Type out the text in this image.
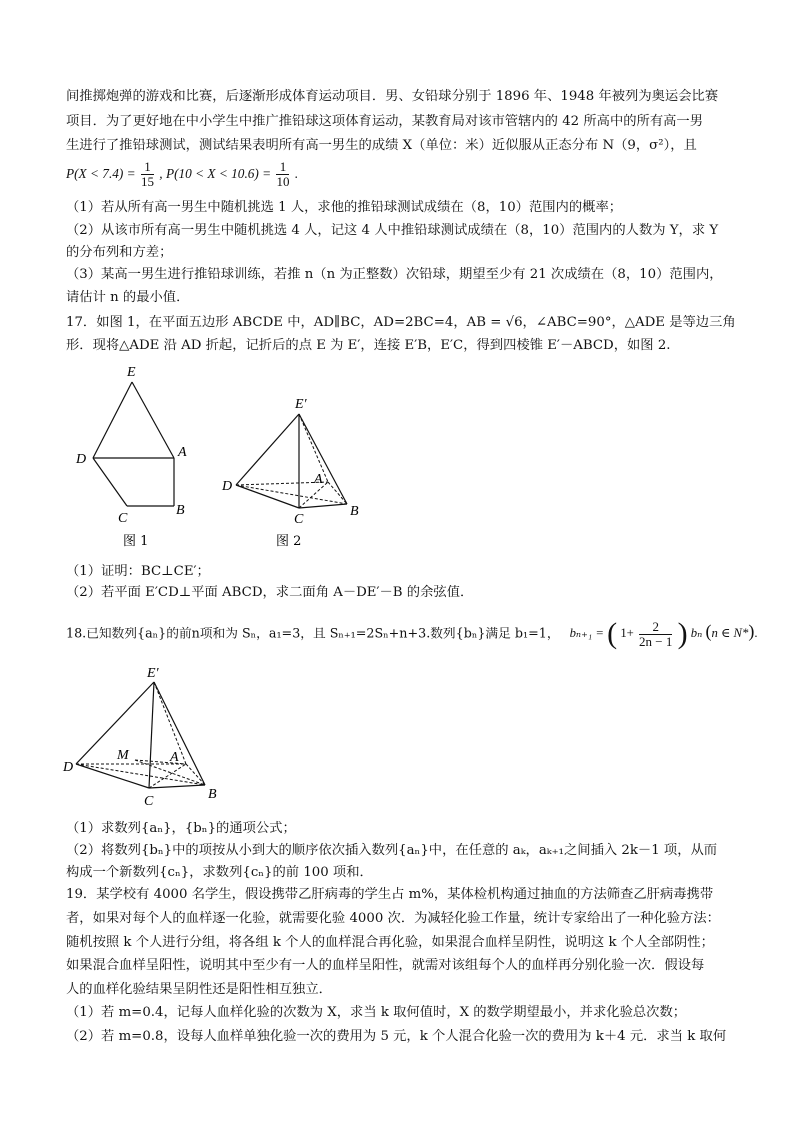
间推掷炮弹的游戏和比赛，后逐渐形成体育运动项目．男、女铅球分别于 1896 年、1948 年被列为奥运会比赛
项目．为了更好地在中小学生中推广推铅球这项体育运动，某教育局对该市管辖内的 42 所高中的所有高一男
生进行了推铅球测试，测试结果表明所有高一男生的成绩 X（单位：米）近似服从正态分布 N（9，σ²），且
$P(X < 7.4) = \frac{1}{15}$ , $P(10 < X < 10.6) = \frac{1}{10}$ .
（1）若从所有高一男生中随机挑选 1 人，求他的推铅球测试成绩在（8，10）范围内的概率；
（2）从该市所有高一男生中随机挑选 4 人，记这 4 人中推铅球测试成绩在（8，10）范围内的人数为 Y，求 Y
的分布列和方差；
（3）某高一男生进行推铅球训练，若推 n（n 为正整数）次铅球，期望至少有 21 次成绩在（8，10）范围内，
请估计 n 的最小值．
17．如图 1，在平面五边形 ABCDE 中，AD∥BC，AD=2BC=4，AB = √6，∠ABC=90°，△ADE 是等边三角
形．现将△ADE 沿 AD 折起，记折后的点 E 为 E′，连接 E′B，E′C，得到四棱锥 E′－ABCD，如图 2.
E
D	A
C
B
图 1
E′
D	A
C
B
图 2
（1）证明：BC⊥CE′；
（2）若平面 E′CD⊥平面 ABCD，求二面角 A－DE′－B 的余弦值．
18.已知数列{aₙ}的前n项和为 Sₙ，a₁=3，且 Sₙ₊₁=2Sₙ+n+3.数列{bₙ}满足 b₁=1， bₙ₊₁ = ( $1+ \frac{2}{2n - 1}$ ) bₙ (n ∈ N*).
E′
D
M	A
C	B
（1）求数列{aₙ}，{bₙ}的通项公式；
（2）将数列{bₙ}中的项按从小到大的顺序依次插入数列{aₙ}中，在任意的 aₖ，aₖ₊₁之间插入 2k－1 项，从而
构成一个新数列{cₙ}，求数列{cₙ}的前 100 项和．
19．某学校有 4000 名学生，假设携带乙肝病毒的学生占 m%，某体检机构通过抽血的方法筛查乙肝病毒携带
者，如果对每个人的血样逐一化验，就需要化验 4000 次．为减轻化验工作量，统计专家给出了一种化验方法：
随机按照 k 个人进行分组，将各组 k 个人的血样混合再化验，如果混合血样呈阴性，说明这 k 个人全部阴性；
如果混合血样呈阳性，说明其中至少有一人的血样呈阳性，就需对该组每个人的血样再分别化验一次．假设每
人的血样化验结果呈阴性还是阳性相互独立．
（1）若 m=0.4，记每人血样化验的次数为 X，求当 k 取何值时，X 的数学期望最小，并求化验总次数；
（2）若 m=0.8，设每人血样单独化验一次的费用为 5 元，k 个人混合化验一次的费用为 k＋4 元．求当 k 取何
